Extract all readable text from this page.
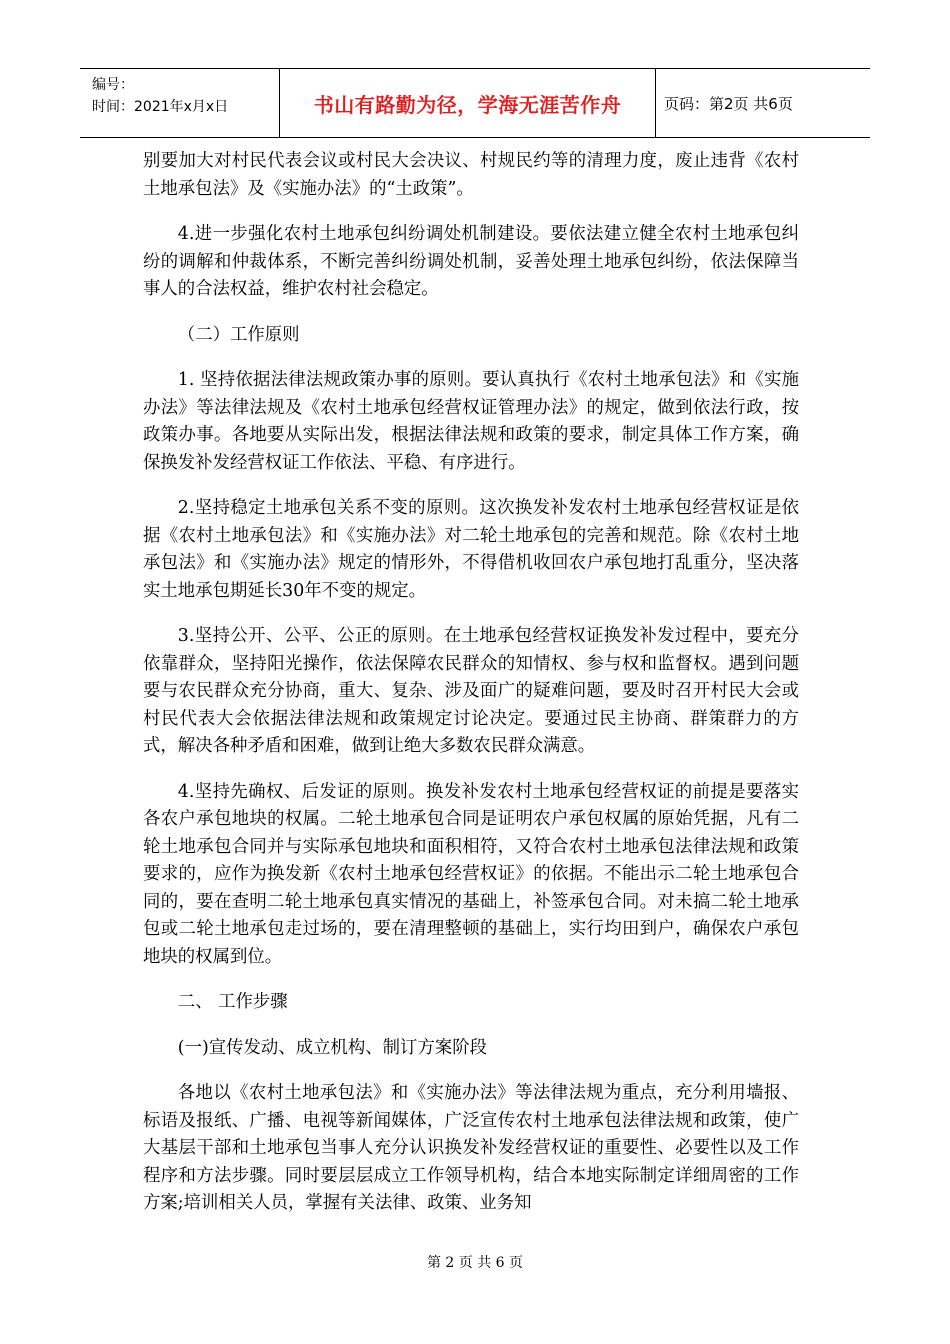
编号：
时间：2021年x月x日	书山有路勤为径，学海无涯苦作舟	页码：第2页 共6页

别要加大对村民代表会议或村民大会决议、村规民约等的清理力度，废止违背《农村土地承包法》及《实施办法》的“土政策”。

4.进一步强化农村土地承包纠纷调处机制建设。要依法建立健全农村土地承包纠纷的调解和仲裁体系，不断完善纠纷调处机制，妥善处理土地承包纠纷，依法保障当事人的合法权益，维护农村社会稳定。

（二）工作原则

1. 坚持依据法律法规政策办事的原则。要认真执行《农村土地承包法》和《实施办法》等法律法规及《农村土地承包经营权证管理办法》的规定，做到依法行政，按政策办事。各地要从实际出发，根据法律法规和政策的要求，制定具体工作方案，确保换发补发经营权证工作依法、平稳、有序进行。

2.坚持稳定土地承包关系不变的原则。这次换发补发农村土地承包经营权证是依据《农村土地承包法》和《实施办法》对二轮土地承包的完善和规范。除《农村土地承包法》和《实施办法》规定的情形外，不得借机收回农户承包地打乱重分，坚决落实土地承包期延长30年不变的规定。

3.坚持公开、公平、公正的原则。在土地承包经营权证换发补发过程中，要充分依靠群众，坚持阳光操作，依法保障农民群众的知情权、参与权和监督权。遇到问题要与农民群众充分协商，重大、复杂、涉及面广的疑难问题，要及时召开村民大会或村民代表大会依据法律法规和政策规定讨论决定。要通过民主协商、群策群力的方式，解决各种矛盾和困难，做到让绝大多数农民群众满意。

4.坚持先确权、后发证的原则。换发补发农村土地承包经营权证的前提是要落实各农户承包地块的权属。二轮土地承包合同是证明农户承包权属的原始凭据，凡有二轮土地承包合同并与实际承包地块和面积相符，又符合农村土地承包法律法规和政策要求的，应作为换发新《农村土地承包经营权证》的依据。不能出示二轮土地承包合同的，要在查明二轮土地承包真实情况的基础上，补签承包合同。对未搞二轮土地承包或二轮土地承包走过场的，要在清理整顿的基础上，实行均田到户，确保农户承包地块的权属到位。

二、 工作步骤

(一)宣传发动、成立机构、制订方案阶段

各地以《农村土地承包法》和《实施办法》等法律法规为重点，充分利用墙报、标语及报纸、广播、电视等新闻媒体，广泛宣传农村土地承包法律法规和政策，使广大基层干部和土地承包当事人充分认识换发补发经营权证的重要性、必要性以及工作程序和方法步骤。同时要层层成立工作领导机构，结合本地实际制定详细周密的工作方案;培训相关人员，掌握有关法律、政策、业务知

第 2 页 共 6 页
